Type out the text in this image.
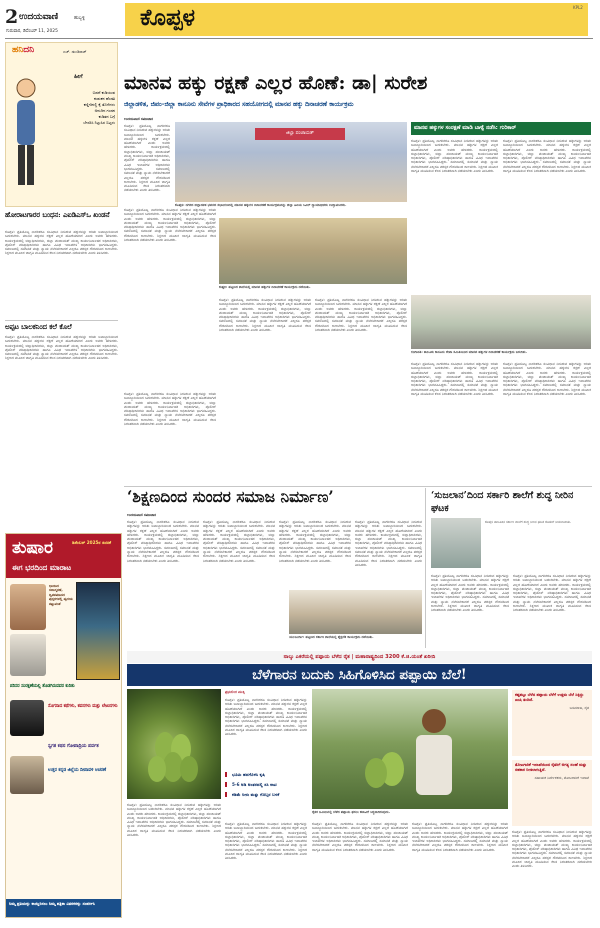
2 ಉದಯವಾಣಿ	ಹುಬ್ಬಳ್ಳಿ
ಗುರುವಾರ, ಡಿಸೆಂಬರ್ 11, 2025
ಕೊಪ್ಪಳ	KPL2
ಹನಿದನಿ	ಎಚ್. ಡುಂಡಿರಾಜ್
ಹೀಗೆ
ಬಿಡದೆ ಕುಡಿಯುವ
ಕುಡುಕನ ಹೆಂಡತಿ
ಕಣ್ಣೀರಿನಲ್ಲಿ ಕೈ ತೊಳೆದಳು
ಅನುದಿನ ಗಂಡನ
ಕುಡಿತದ ಬಗ್ಗೆ
ಬೇಸರಿಸಿ ನಿಟ್ಟುಸಿರ ಬಿಟ್ಟಳು
ಹೋರಾಟಗಾರರ ಬಂಧನ: ಎಐಡಿಎಸ್‌ಒ ಖಂಡನೆ
ಕೊಪ್ಪಳ: ಪ್ರತಿಯೊಬ್ಬ ನಾಗರಿಕರೂ ಸಂವಿಧಾನ ನೀಡಿರುವ ಹಕ್ಕುಗಳನ್ನು ಅರಿತು ಜವಾಬ್ದಾರಿಯಿಂದ ಬದುಕಬೇಕು. ಮಾನವ ಹಕ್ಕುಗಳ ರಕ್ಷಣೆ ಎಲ್ಲರ ಹೊಣೆಯಾಗಿದೆ ಎಂದು ಅವರು ಹೇಳಿದರು. ಕಾರ್ಯಕ್ರಮದಲ್ಲಿ ಜಿಲ್ಲಾಧಿಕಾರಿಗಳು, ಜಿಲ್ಲಾ ಪಂಚಾಯತ್ ಮುಖ್ಯ ಕಾರ್ಯನಿರ್ವಾಹಕ ಅಧಿಕಾರಿಗಳು, ಪೊಲೀಸ್ ವರಿಷ್ಠಾಧಿಕಾರಿಗಳು ಹಾಗೂ ವಿವಿಧ ಇಲಾಖೆಗಳ ಅಧಿಕಾರಿಗಳು ಭಾಗವಹಿಸಿದ್ದರು. ಸಮಾಜದಲ್ಲಿ ಸಮಾನತೆ ಮತ್ತು ನ್ಯಾಯ ನೆಲೆಸಬೇಕಾದರೆ ಎಲ್ಲರೂ ಪರಸ್ಪರ ಗೌರವದಿಂದ ಕಾಣಬೇಕು. ಶಿಕ್ಷಣದ ಮೂಲಕ ಜಾಗೃತಿ ಮೂಡಿಸುವ ಕೆಲಸ ನಿರಂತರವಾಗಿ ನಡೆಯಬೇಕು ಎಂದು ತಿಳಿಸಿದರು.
ಅಪ್ಪಟ ಬಾಲಕನಿಂದ ಕಲೆ ಕೊಲೆ
ಕೊಪ್ಪಳ: ಪ್ರತಿಯೊಬ್ಬ ನಾಗರಿಕರೂ ಸಂವಿಧಾನ ನೀಡಿರುವ ಹಕ್ಕುಗಳನ್ನು ಅರಿತು ಜವಾಬ್ದಾರಿಯಿಂದ ಬದುಕಬೇಕು. ಮಾನವ ಹಕ್ಕುಗಳ ರಕ್ಷಣೆ ಎಲ್ಲರ ಹೊಣೆಯಾಗಿದೆ ಎಂದು ಅವರು ಹೇಳಿದರು. ಕಾರ್ಯಕ್ರಮದಲ್ಲಿ ಜಿಲ್ಲಾಧಿಕಾರಿಗಳು, ಜಿಲ್ಲಾ ಪಂಚಾಯತ್ ಮುಖ್ಯ ಕಾರ್ಯನಿರ್ವಾಹಕ ಅಧಿಕಾರಿಗಳು, ಪೊಲೀಸ್ ವರಿಷ್ಠಾಧಿಕಾರಿಗಳು ಹಾಗೂ ವಿವಿಧ ಇಲಾಖೆಗಳ ಅಧಿಕಾರಿಗಳು ಭಾಗವಹಿಸಿದ್ದರು. ಸಮಾಜದಲ್ಲಿ ಸಮಾನತೆ ಮತ್ತು ನ್ಯಾಯ ನೆಲೆಸಬೇಕಾದರೆ ಎಲ್ಲರೂ ಪರಸ್ಪರ ಗೌರವದಿಂದ ಕಾಣಬೇಕು. ಶಿಕ್ಷಣದ ಮೂಲಕ ಜಾಗೃತಿ ಮೂಡಿಸುವ ಕೆಲಸ ನಿರಂತರವಾಗಿ ನಡೆಯಬೇಕು ಎಂದು ತಿಳಿಸಿದರು.
ಮಾನವ ಹಕ್ಕು ರಕ್ಷಣೆ ಎಲ್ಲರ ಹೊಣೆ: ಡಾ| ಸುರೇಶ
ಜಿಲ್ಲಾಡಳಿತ, ಜಿಪಂ-ಜಿಲ್ಲಾ ಕಾನೂನು ಸೇವೆಗಳ ಪ್ರಾಧಿಕಾರದ ಸಹಯೋಗದಲ್ಲಿ ಮಾನವ ಹಕ್ಕು ದಿನಾಚರಣೆ ಕಾರ್ಯಕ್ರಮ
ಉದಯವಾಣಿ ಸಮಾಚಾರ
ಕೊಪ್ಪಳ: ಪ್ರತಿಯೊಬ್ಬ ನಾಗರಿಕರೂ ಸಂವಿಧಾನ ನೀಡಿರುವ ಹಕ್ಕುಗಳನ್ನು ಅರಿತು ಜವಾಬ್ದಾರಿಯಿಂದ ಬದುಕಬೇಕು. ಮಾನವ ಹಕ್ಕುಗಳ ರಕ್ಷಣೆ ಎಲ್ಲರ ಹೊಣೆಯಾಗಿದೆ ಎಂದು ಅವರು ಹೇಳಿದರು. ಕಾರ್ಯಕ್ರಮದಲ್ಲಿ ಜಿಲ್ಲಾಧಿಕಾರಿಗಳು, ಜಿಲ್ಲಾ ಪಂಚಾಯತ್ ಮುಖ್ಯ ಕಾರ್ಯನಿರ್ವಾಹಕ ಅಧಿಕಾರಿಗಳು, ಪೊಲೀಸ್ ವರಿಷ್ಠಾಧಿಕಾರಿಗಳು ಹಾಗೂ ವಿವಿಧ ಇಲಾಖೆಗಳ ಅಧಿಕಾರಿಗಳು ಭಾಗವಹಿಸಿದ್ದರು. ಸಮಾಜದಲ್ಲಿ ಸಮಾನತೆ ಮತ್ತು ನ್ಯಾಯ ನೆಲೆಸಬೇಕಾದರೆ ಎಲ್ಲರೂ ಪರಸ್ಪರ ಗೌರವದಿಂದ ಕಾಣಬೇಕು. ಶಿಕ್ಷಣದ ಮೂಲಕ ಜಾಗೃತಿ ಮೂಡಿಸುವ ಕೆಲಸ ನಿರಂತರವಾಗಿ ನಡೆಯಬೇಕು ಎಂದು ತಿಳಿಸಿದರು.
ಕೊಪ್ಪಳ: ಪ್ರತಿಯೊಬ್ಬ ನಾಗರಿಕರೂ ಸಂವಿಧಾನ ನೀಡಿರುವ ಹಕ್ಕುಗಳನ್ನು ಅರಿತು ಜವಾಬ್ದಾರಿಯಿಂದ ಬದುಕಬೇಕು. ಮಾನವ ಹಕ್ಕುಗಳ ರಕ್ಷಣೆ ಎಲ್ಲರ ಹೊಣೆಯಾಗಿದೆ ಎಂದು ಅವರು ಹೇಳಿದರು. ಕಾರ್ಯಕ್ರಮದಲ್ಲಿ ಜಿಲ್ಲಾಧಿಕಾರಿಗಳು, ಜಿಲ್ಲಾ ಪಂಚಾಯತ್ ಮುಖ್ಯ ಕಾರ್ಯನಿರ್ವಾಹಕ ಅಧಿಕಾರಿಗಳು, ಪೊಲೀಸ್ ವರಿಷ್ಠಾಧಿಕಾರಿಗಳು ಹಾಗೂ ವಿವಿಧ ಇಲಾಖೆಗಳ ಅಧಿಕಾರಿಗಳು ಭಾಗವಹಿಸಿದ್ದರು. ಸಮಾಜದಲ್ಲಿ ಸಮಾನತೆ ಮತ್ತು ನ್ಯಾಯ ನೆಲೆಸಬೇಕಾದರೆ ಎಲ್ಲರೂ ಪರಸ್ಪರ ಗೌರವದಿಂದ ಕಾಣಬೇಕು. ಶಿಕ್ಷಣದ ಮೂಲಕ ಜಾಗೃತಿ ಮೂಡಿಸುವ ಕೆಲಸ ನಿರಂತರವಾಗಿ ನಡೆಯಬೇಕು ಎಂದು ತಿಳಿಸಿದರು.
ಕೊಪ್ಪಳ: ಪ್ರತಿಯೊಬ್ಬ ನಾಗರಿಕರೂ ಸಂವಿಧಾನ ನೀಡಿರುವ ಹಕ್ಕುಗಳನ್ನು ಅರಿತು ಜವಾಬ್ದಾರಿಯಿಂದ ಬದುಕಬೇಕು. ಮಾನವ ಹಕ್ಕುಗಳ ರಕ್ಷಣೆ ಎಲ್ಲರ ಹೊಣೆಯಾಗಿದೆ ಎಂದು ಅವರು ಹೇಳಿದರು. ಕಾರ್ಯಕ್ರಮದಲ್ಲಿ ಜಿಲ್ಲಾಧಿಕಾರಿಗಳು, ಜಿಲ್ಲಾ ಪಂಚಾಯತ್ ಮುಖ್ಯ ಕಾರ್ಯನಿರ್ವಾಹಕ ಅಧಿಕಾರಿಗಳು, ಪೊಲೀಸ್ ವರಿಷ್ಠಾಧಿಕಾರಿಗಳು ಹಾಗೂ ವಿವಿಧ ಇಲಾಖೆಗಳ ಅಧಿಕಾರಿಗಳು ಭಾಗವಹಿಸಿದ್ದರು. ಸಮಾಜದಲ್ಲಿ ಸಮಾನತೆ ಮತ್ತು ನ್ಯಾಯ ನೆಲೆಸಬೇಕಾದರೆ ಎಲ್ಲರೂ ಪರಸ್ಪರ ಗೌರವದಿಂದ ಕಾಣಬೇಕು. ಶಿಕ್ಷಣದ ಮೂಲಕ ಜಾಗೃತಿ ಮೂಡಿಸುವ ಕೆಲಸ ನಿರಂತರವಾಗಿ ನಡೆಯಬೇಕು ಎಂದು ತಿಳಿಸಿದರು.
ಜಿಲ್ಲಾ ಪಂಚಾಯತ್
ಕೊಪ್ಪಳ: ನಗರದ ಜಿಲ್ಲಾಡಳಿತ ಭವನದ ಸಭಾಂಗಣದಲ್ಲಿ ಮಾನವ ಹಕ್ಕುಗಳ ದಿನಾಚರಣೆ ಕಾರ್ಯಕ್ರಮವನ್ನು ಜಿಲ್ಲಾ ಹಿರಿಯ ಸಿವಿಲ್ ನ್ಯಾಯಾಧೀಶರು ಉದ್ಘಾಟಿಸಿದರು.
ಕುಷ್ಟಗಿ: ಪಟ್ಟಣದ ಶಾಲೆಯಲ್ಲಿ ಮಾನವ ಹಕ್ಕುಗಳ ದಿನಾಚರಣೆ ಕಾರ್ಯಕ್ರಮ ನಡೆಯಿತು.
ಕೊಪ್ಪಳ: ಪ್ರತಿಯೊಬ್ಬ ನಾಗರಿಕರೂ ಸಂವಿಧಾನ ನೀಡಿರುವ ಹಕ್ಕುಗಳನ್ನು ಅರಿತು ಜವಾಬ್ದಾರಿಯಿಂದ ಬದುಕಬೇಕು. ಮಾನವ ಹಕ್ಕುಗಳ ರಕ್ಷಣೆ ಎಲ್ಲರ ಹೊಣೆಯಾಗಿದೆ ಎಂದು ಅವರು ಹೇಳಿದರು. ಕಾರ್ಯಕ್ರಮದಲ್ಲಿ ಜಿಲ್ಲಾಧಿಕಾರಿಗಳು, ಜಿಲ್ಲಾ ಪಂಚಾಯತ್ ಮುಖ್ಯ ಕಾರ್ಯನಿರ್ವಾಹಕ ಅಧಿಕಾರಿಗಳು, ಪೊಲೀಸ್ ವರಿಷ್ಠಾಧಿಕಾರಿಗಳು ಹಾಗೂ ವಿವಿಧ ಇಲಾಖೆಗಳ ಅಧಿಕಾರಿಗಳು ಭಾಗವಹಿಸಿದ್ದರು. ಸಮಾಜದಲ್ಲಿ ಸಮಾನತೆ ಮತ್ತು ನ್ಯಾಯ ನೆಲೆಸಬೇಕಾದರೆ ಎಲ್ಲರೂ ಪರಸ್ಪರ ಗೌರವದಿಂದ ಕಾಣಬೇಕು. ಶಿಕ್ಷಣದ ಮೂಲಕ ಜಾಗೃತಿ ಮೂಡಿಸುವ ಕೆಲಸ ನಿರಂತರವಾಗಿ ನಡೆಯಬೇಕು ಎಂದು ತಿಳಿಸಿದರು.
ಕೊಪ್ಪಳ: ಪ್ರತಿಯೊಬ್ಬ ನಾಗರಿಕರೂ ಸಂವಿಧಾನ ನೀಡಿರುವ ಹಕ್ಕುಗಳನ್ನು ಅರಿತು ಜವಾಬ್ದಾರಿಯಿಂದ ಬದುಕಬೇಕು. ಮಾನವ ಹಕ್ಕುಗಳ ರಕ್ಷಣೆ ಎಲ್ಲರ ಹೊಣೆಯಾಗಿದೆ ಎಂದು ಅವರು ಹೇಳಿದರು. ಕಾರ್ಯಕ್ರಮದಲ್ಲಿ ಜಿಲ್ಲಾಧಿಕಾರಿಗಳು, ಜಿಲ್ಲಾ ಪಂಚಾಯತ್ ಮುಖ್ಯ ಕಾರ್ಯನಿರ್ವಾಹಕ ಅಧಿಕಾರಿಗಳು, ಪೊಲೀಸ್ ವರಿಷ್ಠಾಧಿಕಾರಿಗಳು ಹಾಗೂ ವಿವಿಧ ಇಲಾಖೆಗಳ ಅಧಿಕಾರಿಗಳು ಭಾಗವಹಿಸಿದ್ದರು. ಸಮಾಜದಲ್ಲಿ ಸಮಾನತೆ ಮತ್ತು ನ್ಯಾಯ ನೆಲೆಸಬೇಕಾದರೆ ಎಲ್ಲರೂ ಪರಸ್ಪರ ಗೌರವದಿಂದ ಕಾಣಬೇಕು. ಶಿಕ್ಷಣದ ಮೂಲಕ ಜಾಗೃತಿ ಮೂಡಿಸುವ ಕೆಲಸ ನಿರಂತರವಾಗಿ ನಡೆಯಬೇಕು ಎಂದು ತಿಳಿಸಿದರು.
ಮಾನವ ಹಕ್ಕುಗಳ ಸಂರಕ್ಷಣೆ ಮಾಡಿ ಬಾಳ್ವೆ ನಡೆಸಿ: ಗುರಿಕಾರ್
ಕೊಪ್ಪಳ: ಪ್ರತಿಯೊಬ್ಬ ನಾಗರಿಕರೂ ಸಂವಿಧಾನ ನೀಡಿರುವ ಹಕ್ಕುಗಳನ್ನು ಅರಿತು ಜವಾಬ್ದಾರಿಯಿಂದ ಬದುಕಬೇಕು. ಮಾನವ ಹಕ್ಕುಗಳ ರಕ್ಷಣೆ ಎಲ್ಲರ ಹೊಣೆಯಾಗಿದೆ ಎಂದು ಅವರು ಹೇಳಿದರು. ಕಾರ್ಯಕ್ರಮದಲ್ಲಿ ಜಿಲ್ಲಾಧಿಕಾರಿಗಳು, ಜಿಲ್ಲಾ ಪಂಚಾಯತ್ ಮುಖ್ಯ ಕಾರ್ಯನಿರ್ವಾಹಕ ಅಧಿಕಾರಿಗಳು, ಪೊಲೀಸ್ ವರಿಷ್ಠಾಧಿಕಾರಿಗಳು ಹಾಗೂ ವಿವಿಧ ಇಲಾಖೆಗಳ ಅಧಿಕಾರಿಗಳು ಭಾಗವಹಿಸಿದ್ದರು. ಸಮಾಜದಲ್ಲಿ ಸಮಾನತೆ ಮತ್ತು ನ್ಯಾಯ ನೆಲೆಸಬೇಕಾದರೆ ಎಲ್ಲರೂ ಪರಸ್ಪರ ಗೌರವದಿಂದ ಕಾಣಬೇಕು. ಶಿಕ್ಷಣದ ಮೂಲಕ ಜಾಗೃತಿ ಮೂಡಿಸುವ ಕೆಲಸ ನಿರಂತರವಾಗಿ ನಡೆಯಬೇಕು ಎಂದು ತಿಳಿಸಿದರು.
ಕೊಪ್ಪಳ: ಪ್ರತಿಯೊಬ್ಬ ನಾಗರಿಕರೂ ಸಂವಿಧಾನ ನೀಡಿರುವ ಹಕ್ಕುಗಳನ್ನು ಅರಿತು ಜವಾಬ್ದಾರಿಯಿಂದ ಬದುಕಬೇಕು. ಮಾನವ ಹಕ್ಕುಗಳ ರಕ್ಷಣೆ ಎಲ್ಲರ ಹೊಣೆಯಾಗಿದೆ ಎಂದು ಅವರು ಹೇಳಿದರು. ಕಾರ್ಯಕ್ರಮದಲ್ಲಿ ಜಿಲ್ಲಾಧಿಕಾರಿಗಳು, ಜಿಲ್ಲಾ ಪಂಚಾಯತ್ ಮುಖ್ಯ ಕಾರ್ಯನಿರ್ವಾಹಕ ಅಧಿಕಾರಿಗಳು, ಪೊಲೀಸ್ ವರಿಷ್ಠಾಧಿಕಾರಿಗಳು ಹಾಗೂ ವಿವಿಧ ಇಲಾಖೆಗಳ ಅಧಿಕಾರಿಗಳು ಭಾಗವಹಿಸಿದ್ದರು. ಸಮಾಜದಲ್ಲಿ ಸಮಾನತೆ ಮತ್ತು ನ್ಯಾಯ ನೆಲೆಸಬೇಕಾದರೆ ಎಲ್ಲರೂ ಪರಸ್ಪರ ಗೌರವದಿಂದ ಕಾಣಬೇಕು. ಶಿಕ್ಷಣದ ಮೂಲಕ ಜಾಗೃತಿ ಮೂಡಿಸುವ ಕೆಲಸ ನಿರಂತರವಾಗಿ ನಡೆಯಬೇಕು ಎಂದು ತಿಳಿಸಿದರು.
ಗಂಗಾವತಿ: ತಾಲೂಕು ಕಾನೂನು ಸೇವಾ ಸಮಿತಿಯಿಂದ ಮಾನವ ಹಕ್ಕುಗಳ ದಿನಾಚರಣೆ ಕಾರ್ಯಕ್ರಮ ಜರುಗಿತು.
ಕೊಪ್ಪಳ: ಪ್ರತಿಯೊಬ್ಬ ನಾಗರಿಕರೂ ಸಂವಿಧಾನ ನೀಡಿರುವ ಹಕ್ಕುಗಳನ್ನು ಅರಿತು ಜವಾಬ್ದಾರಿಯಿಂದ ಬದುಕಬೇಕು. ಮಾನವ ಹಕ್ಕುಗಳ ರಕ್ಷಣೆ ಎಲ್ಲರ ಹೊಣೆಯಾಗಿದೆ ಎಂದು ಅವರು ಹೇಳಿದರು. ಕಾರ್ಯಕ್ರಮದಲ್ಲಿ ಜಿಲ್ಲಾಧಿಕಾರಿಗಳು, ಜಿಲ್ಲಾ ಪಂಚಾಯತ್ ಮುಖ್ಯ ಕಾರ್ಯನಿರ್ವಾಹಕ ಅಧಿಕಾರಿಗಳು, ಪೊಲೀಸ್ ವರಿಷ್ಠಾಧಿಕಾರಿಗಳು ಹಾಗೂ ವಿವಿಧ ಇಲಾಖೆಗಳ ಅಧಿಕಾರಿಗಳು ಭಾಗವಹಿಸಿದ್ದರು. ಸಮಾಜದಲ್ಲಿ ಸಮಾನತೆ ಮತ್ತು ನ್ಯಾಯ ನೆಲೆಸಬೇಕಾದರೆ ಎಲ್ಲರೂ ಪರಸ್ಪರ ಗೌರವದಿಂದ ಕಾಣಬೇಕು. ಶಿಕ್ಷಣದ ಮೂಲಕ ಜಾಗೃತಿ ಮೂಡಿಸುವ ಕೆಲಸ ನಿರಂತರವಾಗಿ ನಡೆಯಬೇಕು ಎಂದು ತಿಳಿಸಿದರು.
ಕೊಪ್ಪಳ: ಪ್ರತಿಯೊಬ್ಬ ನಾಗರಿಕರೂ ಸಂವಿಧಾನ ನೀಡಿರುವ ಹಕ್ಕುಗಳನ್ನು ಅರಿತು ಜವಾಬ್ದಾರಿಯಿಂದ ಬದುಕಬೇಕು. ಮಾನವ ಹಕ್ಕುಗಳ ರಕ್ಷಣೆ ಎಲ್ಲರ ಹೊಣೆಯಾಗಿದೆ ಎಂದು ಅವರು ಹೇಳಿದರು. ಕಾರ್ಯಕ್ರಮದಲ್ಲಿ ಜಿಲ್ಲಾಧಿಕಾರಿಗಳು, ಜಿಲ್ಲಾ ಪಂಚಾಯತ್ ಮುಖ್ಯ ಕಾರ್ಯನಿರ್ವಾಹಕ ಅಧಿಕಾರಿಗಳು, ಪೊಲೀಸ್ ವರಿಷ್ಠಾಧಿಕಾರಿಗಳು ಹಾಗೂ ವಿವಿಧ ಇಲಾಖೆಗಳ ಅಧಿಕಾರಿಗಳು ಭಾಗವಹಿಸಿದ್ದರು. ಸಮಾಜದಲ್ಲಿ ಸಮಾನತೆ ಮತ್ತು ನ್ಯಾಯ ನೆಲೆಸಬೇಕಾದರೆ ಎಲ್ಲರೂ ಪರಸ್ಪರ ಗೌರವದಿಂದ ಕಾಣಬೇಕು. ಶಿಕ್ಷಣದ ಮೂಲಕ ಜಾಗೃತಿ ಮೂಡಿಸುವ ಕೆಲಸ ನಿರಂತರವಾಗಿ ನಡೆಯಬೇಕು ಎಂದು ತಿಳಿಸಿದರು.
‘ಶಿಕ್ಷಣದಿಂದ ಸುಂದರ ಸಮಾಜ ನಿರ್ಮಾಣ’
ಉದಯವಾಣಿ ಸಮಾಚಾರ
ಕೊಪ್ಪಳ: ಪ್ರತಿಯೊಬ್ಬ ನಾಗರಿಕರೂ ಸಂವಿಧಾನ ನೀಡಿರುವ ಹಕ್ಕುಗಳನ್ನು ಅರಿತು ಜವಾಬ್ದಾರಿಯಿಂದ ಬದುಕಬೇಕು. ಮಾನವ ಹಕ್ಕುಗಳ ರಕ್ಷಣೆ ಎಲ್ಲರ ಹೊಣೆಯಾಗಿದೆ ಎಂದು ಅವರು ಹೇಳಿದರು. ಕಾರ್ಯಕ್ರಮದಲ್ಲಿ ಜಿಲ್ಲಾಧಿಕಾರಿಗಳು, ಜಿಲ್ಲಾ ಪಂಚಾಯತ್ ಮುಖ್ಯ ಕಾರ್ಯನಿರ್ವಾಹಕ ಅಧಿಕಾರಿಗಳು, ಪೊಲೀಸ್ ವರಿಷ್ಠಾಧಿಕಾರಿಗಳು ಹಾಗೂ ವಿವಿಧ ಇಲಾಖೆಗಳ ಅಧಿಕಾರಿಗಳು ಭಾಗವಹಿಸಿದ್ದರು. ಸಮಾಜದಲ್ಲಿ ಸಮಾನತೆ ಮತ್ತು ನ್ಯಾಯ ನೆಲೆಸಬೇಕಾದರೆ ಎಲ್ಲರೂ ಪರಸ್ಪರ ಗೌರವದಿಂದ ಕಾಣಬೇಕು. ಶಿಕ್ಷಣದ ಮೂಲಕ ಜಾಗೃತಿ ಮೂಡಿಸುವ ಕೆಲಸ ನಿರಂತರವಾಗಿ ನಡೆಯಬೇಕು ಎಂದು ತಿಳಿಸಿದರು.
ಕೊಪ್ಪಳ: ಪ್ರತಿಯೊಬ್ಬ ನಾಗರಿಕರೂ ಸಂವಿಧಾನ ನೀಡಿರುವ ಹಕ್ಕುಗಳನ್ನು ಅರಿತು ಜವಾಬ್ದಾರಿಯಿಂದ ಬದುಕಬೇಕು. ಮಾನವ ಹಕ್ಕುಗಳ ರಕ್ಷಣೆ ಎಲ್ಲರ ಹೊಣೆಯಾಗಿದೆ ಎಂದು ಅವರು ಹೇಳಿದರು. ಕಾರ್ಯಕ್ರಮದಲ್ಲಿ ಜಿಲ್ಲಾಧಿಕಾರಿಗಳು, ಜಿಲ್ಲಾ ಪಂಚಾಯತ್ ಮುಖ್ಯ ಕಾರ್ಯನಿರ್ವಾಹಕ ಅಧಿಕಾರಿಗಳು, ಪೊಲೀಸ್ ವರಿಷ್ಠಾಧಿಕಾರಿಗಳು ಹಾಗೂ ವಿವಿಧ ಇಲಾಖೆಗಳ ಅಧಿಕಾರಿಗಳು ಭಾಗವಹಿಸಿದ್ದರು. ಸಮಾಜದಲ್ಲಿ ಸಮಾನತೆ ಮತ್ತು ನ್ಯಾಯ ನೆಲೆಸಬೇಕಾದರೆ ಎಲ್ಲರೂ ಪರಸ್ಪರ ಗೌರವದಿಂದ ಕಾಣಬೇಕು. ಶಿಕ್ಷಣದ ಮೂಲಕ ಜಾಗೃತಿ ಮೂಡಿಸುವ ಕೆಲಸ ನಿರಂತರವಾಗಿ ನಡೆಯಬೇಕು ಎಂದು ತಿಳಿಸಿದರು.
ಕೊಪ್ಪಳ: ಪ್ರತಿಯೊಬ್ಬ ನಾಗರಿಕರೂ ಸಂವಿಧಾನ ನೀಡಿರುವ ಹಕ್ಕುಗಳನ್ನು ಅರಿತು ಜವಾಬ್ದಾರಿಯಿಂದ ಬದುಕಬೇಕು. ಮಾನವ ಹಕ್ಕುಗಳ ರಕ್ಷಣೆ ಎಲ್ಲರ ಹೊಣೆಯಾಗಿದೆ ಎಂದು ಅವರು ಹೇಳಿದರು. ಕಾರ್ಯಕ್ರಮದಲ್ಲಿ ಜಿಲ್ಲಾಧಿಕಾರಿಗಳು, ಜಿಲ್ಲಾ ಪಂಚಾಯತ್ ಮುಖ್ಯ ಕಾರ್ಯನಿರ್ವಾಹಕ ಅಧಿಕಾರಿಗಳು, ಪೊಲೀಸ್ ವರಿಷ್ಠಾಧಿಕಾರಿಗಳು ಹಾಗೂ ವಿವಿಧ ಇಲಾಖೆಗಳ ಅಧಿಕಾರಿಗಳು ಭಾಗವಹಿಸಿದ್ದರು. ಸಮಾಜದಲ್ಲಿ ಸಮಾನತೆ ಮತ್ತು ನ್ಯಾಯ ನೆಲೆಸಬೇಕಾದರೆ ಎಲ್ಲರೂ ಪರಸ್ಪರ ಗೌರವದಿಂದ ಕಾಣಬೇಕು. ಶಿಕ್ಷಣದ ಮೂಲಕ ಜಾಗೃತಿ ಮೂಡಿಸುವ ಕೆಲಸ ನಿರಂತರವಾಗಿ ನಡೆಯಬೇಕು ಎಂದು ತಿಳಿಸಿದರು.
ಕೊಪ್ಪಳ: ಪ್ರತಿಯೊಬ್ಬ ನಾಗರಿಕರೂ ಸಂವಿಧಾನ ನೀಡಿರುವ ಹಕ್ಕುಗಳನ್ನು ಅರಿತು ಜವಾಬ್ದಾರಿಯಿಂದ ಬದುಕಬೇಕು. ಮಾನವ ಹಕ್ಕುಗಳ ರಕ್ಷಣೆ ಎಲ್ಲರ ಹೊಣೆಯಾಗಿದೆ ಎಂದು ಅವರು ಹೇಳಿದರು. ಕಾರ್ಯಕ್ರಮದಲ್ಲಿ ಜಿಲ್ಲಾಧಿಕಾರಿಗಳು, ಜಿಲ್ಲಾ ಪಂಚಾಯತ್ ಮುಖ್ಯ ಕಾರ್ಯನಿರ್ವಾಹಕ ಅಧಿಕಾರಿಗಳು, ಪೊಲೀಸ್ ವರಿಷ್ಠಾಧಿಕಾರಿಗಳು ಹಾಗೂ ವಿವಿಧ ಇಲಾಖೆಗಳ ಅಧಿಕಾರಿಗಳು ಭಾಗವಹಿಸಿದ್ದರು. ಸಮಾಜದಲ್ಲಿ ಸಮಾನತೆ ಮತ್ತು ನ್ಯಾಯ ನೆಲೆಸಬೇಕಾದರೆ ಎಲ್ಲರೂ ಪರಸ್ಪರ ಗೌರವದಿಂದ ಕಾಣಬೇಕು. ಶಿಕ್ಷಣದ ಮೂಲಕ ಜಾಗೃತಿ ಮೂಡಿಸುವ ಕೆಲಸ ನಿರಂತರವಾಗಿ ನಡೆಯಬೇಕು ಎಂದು ತಿಳಿಸಿದರು.
ಯಲಬುರ್ಗಾ: ಪಟ್ಟಣದ ಸರ್ಕಾರಿ ಶಾಲೆಯಲ್ಲಿ ಶೈಕ್ಷಣಿಕ ಕಾರ್ಯಕ್ರಮ ನಡೆಯಿತು.
‘ಸುಜಲಾನ’ದಿಂದ ಸರ್ಕಾರಿ ಶಾಲೆಗೆ ಶುದ್ಧ ನೀರಿನ ಘಟಕ
ಕೊಪ್ಪಳ ತಾಲೂಕಿನ ಸರ್ಕಾರಿ ಶಾಲೆಗೆ ಶುದ್ಧ ನೀರಿನ ಘಟಕ ಕೊಡುಗೆ ನೀಡಲಾಯಿತು.
ಕೊಪ್ಪಳ: ಪ್ರತಿಯೊಬ್ಬ ನಾಗರಿಕರೂ ಸಂವಿಧಾನ ನೀಡಿರುವ ಹಕ್ಕುಗಳನ್ನು ಅರಿತು ಜವಾಬ್ದಾರಿಯಿಂದ ಬದುಕಬೇಕು. ಮಾನವ ಹಕ್ಕುಗಳ ರಕ್ಷಣೆ ಎಲ್ಲರ ಹೊಣೆಯಾಗಿದೆ ಎಂದು ಅವರು ಹೇಳಿದರು. ಕಾರ್ಯಕ್ರಮದಲ್ಲಿ ಜಿಲ್ಲಾಧಿಕಾರಿಗಳು, ಜಿಲ್ಲಾ ಪಂಚಾಯತ್ ಮುಖ್ಯ ಕಾರ್ಯನಿರ್ವಾಹಕ ಅಧಿಕಾರಿಗಳು, ಪೊಲೀಸ್ ವರಿಷ್ಠಾಧಿಕಾರಿಗಳು ಹಾಗೂ ವಿವಿಧ ಇಲಾಖೆಗಳ ಅಧಿಕಾರಿಗಳು ಭಾಗವಹಿಸಿದ್ದರು. ಸಮಾಜದಲ್ಲಿ ಸಮಾನತೆ ಮತ್ತು ನ್ಯಾಯ ನೆಲೆಸಬೇಕಾದರೆ ಎಲ್ಲರೂ ಪರಸ್ಪರ ಗೌರವದಿಂದ ಕಾಣಬೇಕು. ಶಿಕ್ಷಣದ ಮೂಲಕ ಜಾಗೃತಿ ಮೂಡಿಸುವ ಕೆಲಸ ನಿರಂತರವಾಗಿ ನಡೆಯಬೇಕು ಎಂದು ತಿಳಿಸಿದರು.
ಕೊಪ್ಪಳ: ಪ್ರತಿಯೊಬ್ಬ ನಾಗರಿಕರೂ ಸಂವಿಧಾನ ನೀಡಿರುವ ಹಕ್ಕುಗಳನ್ನು ಅರಿತು ಜವಾಬ್ದಾರಿಯಿಂದ ಬದುಕಬೇಕು. ಮಾನವ ಹಕ್ಕುಗಳ ರಕ್ಷಣೆ ಎಲ್ಲರ ಹೊಣೆಯಾಗಿದೆ ಎಂದು ಅವರು ಹೇಳಿದರು. ಕಾರ್ಯಕ್ರಮದಲ್ಲಿ ಜಿಲ್ಲಾಧಿಕಾರಿಗಳು, ಜಿಲ್ಲಾ ಪಂಚಾಯತ್ ಮುಖ್ಯ ಕಾರ್ಯನಿರ್ವಾಹಕ ಅಧಿಕಾರಿಗಳು, ಪೊಲೀಸ್ ವರಿಷ್ಠಾಧಿಕಾರಿಗಳು ಹಾಗೂ ವಿವಿಧ ಇಲಾಖೆಗಳ ಅಧಿಕಾರಿಗಳು ಭಾಗವಹಿಸಿದ್ದರು. ಸಮಾಜದಲ್ಲಿ ಸಮಾನತೆ ಮತ್ತು ನ್ಯಾಯ ನೆಲೆಸಬೇಕಾದರೆ ಎಲ್ಲರೂ ಪರಸ್ಪರ ಗೌರವದಿಂದ ಕಾಣಬೇಕು. ಶಿಕ್ಷಣದ ಮೂಲಕ ಜಾಗೃತಿ ಮೂಡಿಸುವ ಕೆಲಸ ನಿರಂತರವಾಗಿ ನಡೆಯಬೇಕು ಎಂದು ತಿಳಿಸಿದರು.
ತುಷಾರ	ಡಿಸೆಂಬರ್ 2025ರ ಸಂಚಿಕೆ
ಈಗ ಭರದಿಂದ ಮಾರಾಟ
ಛಾಯಿದ ಸದಾಸ್ಮರಣೆ, ದ್ವಿಶತಮಾನದ ಪುಸ್ತಕಗಳಲ್ಲಿ ಹೃದಯ ತಟ್ಟುವಂತೆ
ಪರಿಸರ ಸಂರಕ್ಷಣೆಯಲ್ಲಿ ತೊಡಗಿರುವವರ ಕುರಿತು
ಸೊಗಸಾದ ಕಥೆಗಳು, ಕವನಗಳು ಮತ್ತು ಲೇಖನಗಳು
ಸ್ವಗತ ಕಥನ ಗೋಪಾದ್ರಿಯ ಪರ್ವತ
ಉತ್ತರ ಕನ್ನಡ ಜಿಲ್ಲೆಯ ದೀಪಾವಳಿ ಆಚರಣೆ
ನಿಮ್ಮ ಪ್ರತಿಯನ್ನು ಕಾಯ್ದಿರಿಸಲು ನಿಮ್ಮ ಪತ್ರಿಕಾ ವಿತರಕರನ್ನು ಸಂಪರ್ಕಿಸಿ
ನಾಲ್ಕು ಎಕರೆಯಲ್ಲಿ ಪಪ್ಪಾಯ ಬೆಳೆದ ರೈತ | ಮಹಾರಾಷ್ಟ್ರದಿಂದ 3200 ಕೆ.ಜಿ.ಯಂತೆ ಖರೀದಿ
ಬೆಳೆಗಾರನ ಬದುಕು ಸಿಹಿಗೊಳಿಸಿದ ಪಪ್ಪಾಯಿ ಬೆಲೆ!
ಪ್ರಭುಲಿಂಗ ಮುಕ್ಕಿ
ಕೊಪ್ಪಳ: ಪ್ರತಿಯೊಬ್ಬ ನಾಗರಿಕರೂ ಸಂವಿಧಾನ ನೀಡಿರುವ ಹಕ್ಕುಗಳನ್ನು ಅರಿತು ಜವಾಬ್ದಾರಿಯಿಂದ ಬದುಕಬೇಕು. ಮಾನವ ಹಕ್ಕುಗಳ ರಕ್ಷಣೆ ಎಲ್ಲರ ಹೊಣೆಯಾಗಿದೆ ಎಂದು ಅವರು ಹೇಳಿದರು. ಕಾರ್ಯಕ್ರಮದಲ್ಲಿ ಜಿಲ್ಲಾಧಿಕಾರಿಗಳು, ಜಿಲ್ಲಾ ಪಂಚಾಯತ್ ಮುಖ್ಯ ಕಾರ್ಯನಿರ್ವಾಹಕ ಅಧಿಕಾರಿಗಳು, ಪೊಲೀಸ್ ವರಿಷ್ಠಾಧಿಕಾರಿಗಳು ಹಾಗೂ ವಿವಿಧ ಇಲಾಖೆಗಳ ಅಧಿಕಾರಿಗಳು ಭಾಗವಹಿಸಿದ್ದರು. ಸಮಾಜದಲ್ಲಿ ಸಮಾನತೆ ಮತ್ತು ನ್ಯಾಯ ನೆಲೆಸಬೇಕಾದರೆ ಎಲ್ಲರೂ ಪರಸ್ಪರ ಗೌರವದಿಂದ ಕಾಣಬೇಕು. ಶಿಕ್ಷಣದ ಮೂಲಕ ಜಾಗೃತಿ ಮೂಡಿಸುವ ಕೆಲಸ ನಿರಂತರವಾಗಿ ನಡೆಯಬೇಕು ಎಂದು ತಿಳಿಸಿದರು.
ರೈತರ ಜಮೀನಿನಲ್ಲಿ ಬೆಳೆದ ಪಪ್ಪಾಯ ಫಸಲು ಕಟಾವಿಗೆ ಸಿದ್ಧವಾಗಿರುವುದು.
ಭೂಮಿ ಹದಗೊಳಿಸಿ ಕೃಷಿ
5-6 ಅಡಿ ಅಂತರದಲ್ಲಿ ಸಸಿ ನಾಟಿ
ಕಡಿಮೆ ನೀರು ಮತ್ತು ಗೊಬ್ಬರ ಬಳಕೆ
ಕೊಪ್ಪಳ: ಪ್ರತಿಯೊಬ್ಬ ನಾಗರಿಕರೂ ಸಂವಿಧಾನ ನೀಡಿರುವ ಹಕ್ಕುಗಳನ್ನು ಅರಿತು ಜವಾಬ್ದಾರಿಯಿಂದ ಬದುಕಬೇಕು. ಮಾನವ ಹಕ್ಕುಗಳ ರಕ್ಷಣೆ ಎಲ್ಲರ ಹೊಣೆಯಾಗಿದೆ ಎಂದು ಅವರು ಹೇಳಿದರು. ಕಾರ್ಯಕ್ರಮದಲ್ಲಿ ಜಿಲ್ಲಾಧಿಕಾರಿಗಳು, ಜಿಲ್ಲಾ ಪಂಚಾಯತ್ ಮುಖ್ಯ ಕಾರ್ಯನಿರ್ವಾಹಕ ಅಧಿಕಾರಿಗಳು, ಪೊಲೀಸ್ ವರಿಷ್ಠಾಧಿಕಾರಿಗಳು ಹಾಗೂ ವಿವಿಧ ಇಲಾಖೆಗಳ ಅಧಿಕಾರಿಗಳು ಭಾಗವಹಿಸಿದ್ದರು. ಸಮಾಜದಲ್ಲಿ ಸಮಾನತೆ ಮತ್ತು ನ್ಯಾಯ ನೆಲೆಸಬೇಕಾದರೆ ಎಲ್ಲರೂ ಪರಸ್ಪರ ಗೌರವದಿಂದ ಕಾಣಬೇಕು. ಶಿಕ್ಷಣದ ಮೂಲಕ ಜಾಗೃತಿ ಮೂಡಿಸುವ ಕೆಲಸ ನಿರಂತರವಾಗಿ ನಡೆಯಬೇಕು ಎಂದು ತಿಳಿಸಿದರು.
ಕೊಪ್ಪಳ: ಪ್ರತಿಯೊಬ್ಬ ನಾಗರಿಕರೂ ಸಂವಿಧಾನ ನೀಡಿರುವ ಹಕ್ಕುಗಳನ್ನು ಅರಿತು ಜವಾಬ್ದಾರಿಯಿಂದ ಬದುಕಬೇಕು. ಮಾನವ ಹಕ್ಕುಗಳ ರಕ್ಷಣೆ ಎಲ್ಲರ ಹೊಣೆಯಾಗಿದೆ ಎಂದು ಅವರು ಹೇಳಿದರು. ಕಾರ್ಯಕ್ರಮದಲ್ಲಿ ಜಿಲ್ಲಾಧಿಕಾರಿಗಳು, ಜಿಲ್ಲಾ ಪಂಚಾಯತ್ ಮುಖ್ಯ ಕಾರ್ಯನಿರ್ವಾಹಕ ಅಧಿಕಾರಿಗಳು, ಪೊಲೀಸ್ ವರಿಷ್ಠಾಧಿಕಾರಿಗಳು ಹಾಗೂ ವಿವಿಧ ಇಲಾಖೆಗಳ ಅಧಿಕಾರಿಗಳು ಭಾಗವಹಿಸಿದ್ದರು. ಸಮಾಜದಲ್ಲಿ ಸಮಾನತೆ ಮತ್ತು ನ್ಯಾಯ ನೆಲೆಸಬೇಕಾದರೆ ಎಲ್ಲರೂ ಪರಸ್ಪರ ಗೌರವದಿಂದ ಕಾಣಬೇಕು. ಶಿಕ್ಷಣದ ಮೂಲಕ ಜಾಗೃತಿ ಮೂಡಿಸುವ ಕೆಲಸ ನಿರಂತರವಾಗಿ ನಡೆಯಬೇಕು ಎಂದು ತಿಳಿಸಿದರು.
ಕೊಪ್ಪಳ: ಪ್ರತಿಯೊಬ್ಬ ನಾಗರಿಕರೂ ಸಂವಿಧಾನ ನೀಡಿರುವ ಹಕ್ಕುಗಳನ್ನು ಅರಿತು ಜವಾಬ್ದಾರಿಯಿಂದ ಬದುಕಬೇಕು. ಮಾನವ ಹಕ್ಕುಗಳ ರಕ್ಷಣೆ ಎಲ್ಲರ ಹೊಣೆಯಾಗಿದೆ ಎಂದು ಅವರು ಹೇಳಿದರು. ಕಾರ್ಯಕ್ರಮದಲ್ಲಿ ಜಿಲ್ಲಾಧಿಕಾರಿಗಳು, ಜಿಲ್ಲಾ ಪಂಚಾಯತ್ ಮುಖ್ಯ ಕಾರ್ಯನಿರ್ವಾಹಕ ಅಧಿಕಾರಿಗಳು, ಪೊಲೀಸ್ ವರಿಷ್ಠಾಧಿಕಾರಿಗಳು ಹಾಗೂ ವಿವಿಧ ಇಲಾಖೆಗಳ ಅಧಿಕಾರಿಗಳು ಭಾಗವಹಿಸಿದ್ದರು. ಸಮಾಜದಲ್ಲಿ ಸಮಾನತೆ ಮತ್ತು ನ್ಯಾಯ ನೆಲೆಸಬೇಕಾದರೆ ಎಲ್ಲರೂ ಪರಸ್ಪರ ಗೌರವದಿಂದ ಕಾಣಬೇಕು. ಶಿಕ್ಷಣದ ಮೂಲಕ ಜಾಗೃತಿ ಮೂಡಿಸುವ ಕೆಲಸ ನಿರಂತರವಾಗಿ ನಡೆಯಬೇಕು ಎಂದು ತಿಳಿಸಿದರು.
ಕೊಪ್ಪಳ: ಪ್ರತಿಯೊಬ್ಬ ನಾಗರಿಕರೂ ಸಂವಿಧಾನ ನೀಡಿರುವ ಹಕ್ಕುಗಳನ್ನು ಅರಿತು ಜವಾಬ್ದಾರಿಯಿಂದ ಬದುಕಬೇಕು. ಮಾನವ ಹಕ್ಕುಗಳ ರಕ್ಷಣೆ ಎಲ್ಲರ ಹೊಣೆಯಾಗಿದೆ ಎಂದು ಅವರು ಹೇಳಿದರು. ಕಾರ್ಯಕ್ರಮದಲ್ಲಿ ಜಿಲ್ಲಾಧಿಕಾರಿಗಳು, ಜಿಲ್ಲಾ ಪಂಚಾಯತ್ ಮುಖ್ಯ ಕಾರ್ಯನಿರ್ವಾಹಕ ಅಧಿಕಾರಿಗಳು, ಪೊಲೀಸ್ ವರಿಷ್ಠಾಧಿಕಾರಿಗಳು ಹಾಗೂ ವಿವಿಧ ಇಲಾಖೆಗಳ ಅಧಿಕಾರಿಗಳು ಭಾಗವಹಿಸಿದ್ದರು. ಸಮಾಜದಲ್ಲಿ ಸಮಾನತೆ ಮತ್ತು ನ್ಯಾಯ ನೆಲೆಸಬೇಕಾದರೆ ಎಲ್ಲರೂ ಪರಸ್ಪರ ಗೌರವದಿಂದ ಕಾಣಬೇಕು. ಶಿಕ್ಷಣದ ಮೂಲಕ ಜಾಗೃತಿ ಮೂಡಿಸುವ ಕೆಲಸ ನಿರಂತರವಾಗಿ ನಡೆಯಬೇಕು ಎಂದು ತಿಳಿಸಿದರು.
ಕಷ್ಟಪಟ್ಟು ಬೆಳೆದ ಪಪ್ಪಾಯ ಬೆಳೆಗೆ ಉತ್ತಮ ಬೆಲೆ ಸಿಕ್ಕಿದ್ದು ಖುಷಿ ತಂದಿದೆ.
ಬಸವರಾಜ, ರೈತ
ತೋಟಗಾರಿಕೆ ಇಲಾಖೆಯಿಂದ ರೈತರಿಗೆ ಅಗತ್ಯ ಸಲಹೆ ಮತ್ತು ಸಹಕಾರ ನೀಡಲಾಗುತ್ತಿದೆ.
ಸಹಾಯಕ ನಿರ್ದೇಶಕರು, ತೋಟಗಾರಿಕೆ ಇಲಾಖೆ
ಕೊಪ್ಪಳ: ಪ್ರತಿಯೊಬ್ಬ ನಾಗರಿಕರೂ ಸಂವಿಧಾನ ನೀಡಿರುವ ಹಕ್ಕುಗಳನ್ನು ಅರಿತು ಜವಾಬ್ದಾರಿಯಿಂದ ಬದುಕಬೇಕು. ಮಾನವ ಹಕ್ಕುಗಳ ರಕ್ಷಣೆ ಎಲ್ಲರ ಹೊಣೆಯಾಗಿದೆ ಎಂದು ಅವರು ಹೇಳಿದರು. ಕಾರ್ಯಕ್ರಮದಲ್ಲಿ ಜಿಲ್ಲಾಧಿಕಾರಿಗಳು, ಜಿಲ್ಲಾ ಪಂಚಾಯತ್ ಮುಖ್ಯ ಕಾರ್ಯನಿರ್ವಾಹಕ ಅಧಿಕಾರಿಗಳು, ಪೊಲೀಸ್ ವರಿಷ್ಠಾಧಿಕಾರಿಗಳು ಹಾಗೂ ವಿವಿಧ ಇಲಾಖೆಗಳ ಅಧಿಕಾರಿಗಳು ಭಾಗವಹಿಸಿದ್ದರು. ಸಮಾಜದಲ್ಲಿ ಸಮಾನತೆ ಮತ್ತು ನ್ಯಾಯ ನೆಲೆಸಬೇಕಾದರೆ ಎಲ್ಲರೂ ಪರಸ್ಪರ ಗೌರವದಿಂದ ಕಾಣಬೇಕು. ಶಿಕ್ಷಣದ ಮೂಲಕ ಜಾಗೃತಿ ಮೂಡಿಸುವ ಕೆಲಸ ನಿರಂತರವಾಗಿ ನಡೆಯಬೇಕು ಎಂದು ತಿಳಿಸಿದರು.
